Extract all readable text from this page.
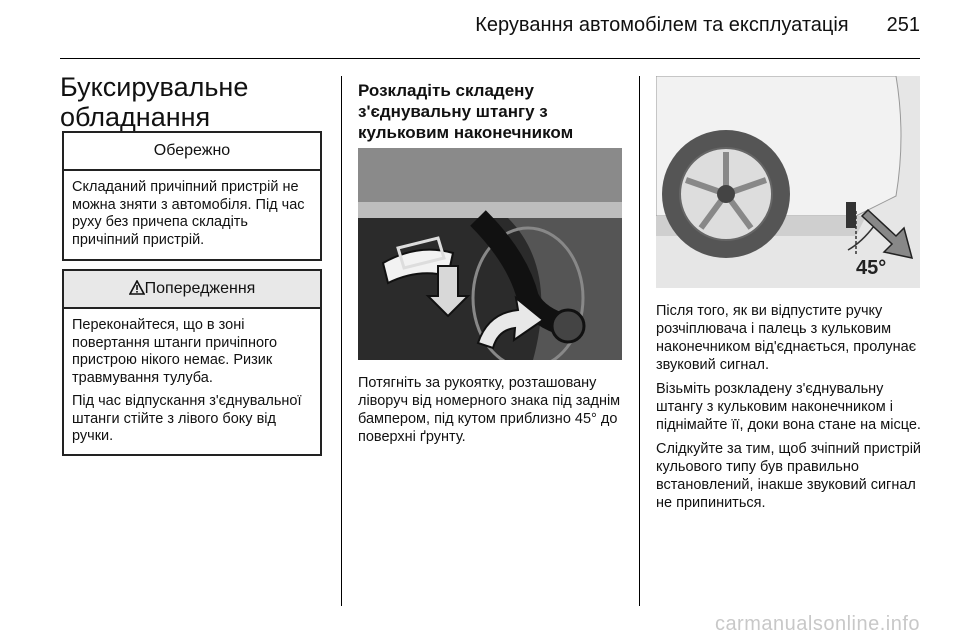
Керування автомобілем та експлуатація 251
Буксирувальне обладнання
Обережно

Складаний причіпний пристрій не можна зняти з автомобіля. Під час руху без причепа складіть причіпний пристрій.

Попередження

Переконайтеся, що в зоні повертання штанги причіпного пристрою нікого немає. Ризик травмування тулуба.

Під час відпускання з'єднувальної штанги стійте з лівого боку від ручки.

Розкладіть складену з'єднувальну штангу з кульковим наконечником

Потягніть за рукоятку, розташовану ліворуч від номерного знака під заднім бампером, під кутом приблизно 45° до поверхні ґрунту.

45°

Після того, як ви відпустите ручку розчіплювача і палець з кульковим наконечником від'єднається, пролунає звуковий сигнал.

Візьміть розкладену з'єднувальну штангу з кульковим наконечником і піднімайте її, доки вона стане на місце.

Слідкуйте за тим, щоб зчіпний пристрій кульового типу був правильно встановлений, інакше звуковий сигнал не припиниться.

carmanualsonline.info
